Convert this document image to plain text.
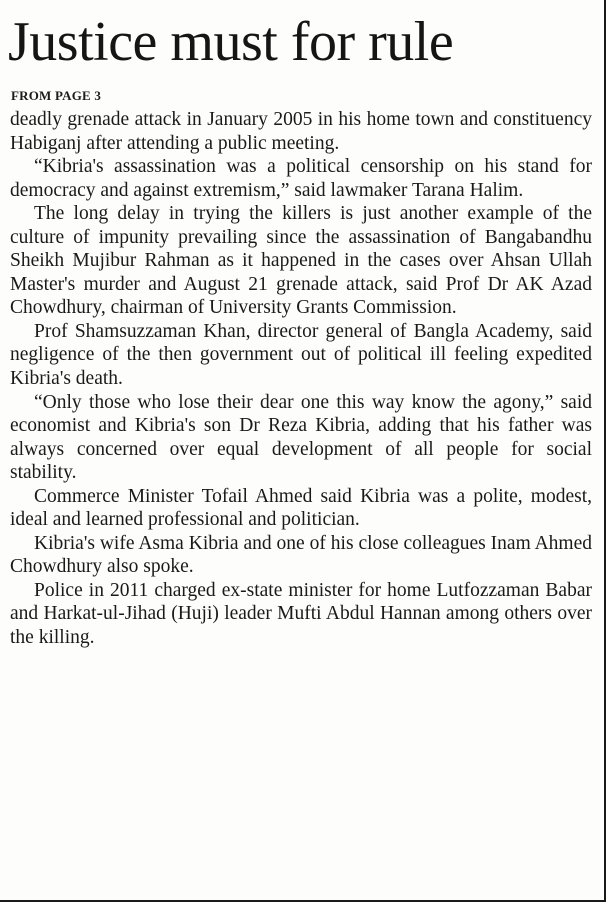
Justice must for rule

FROM PAGE 3

deadly grenade attack in January 2005 in his home town and constituency Habiganj after attending a public meeting.

“Kibria's assassination was a political censorship on his stand for democracy and against extremism,” said lawmaker Tarana Halim.

The long delay in trying the killers is just another example of the culture of impunity prevailing since the assassination of Bangabandhu Sheikh Mujibur Rahman as it happened in the cases over Ahsan Ullah Master's murder and August 21 grenade attack, said Prof Dr AK Azad Chowdhury, chairman of University Grants Commission.

Prof Shamsuzzaman Khan, director general of Bangla Academy, said negligence of the then government out of political ill feeling expedited Kibria's death.

“Only those who lose their dear one this way know the agony,” said economist and Kibria's son Dr Reza Kibria, adding that his father was always concerned over equal development of all people for social stability.

Commerce Minister Tofail Ahmed said Kibria was a polite, modest, ideal and learned professional and politician.

Kibria's wife Asma Kibria and one of his close colleagues Inam Ahmed Chowdhury also spoke.

Police in 2011 charged ex-state minister for home Lutfozzaman Babar and Harkat-ul-Jihad (Huji) leader Mufti Abdul Hannan among others over the killing.
